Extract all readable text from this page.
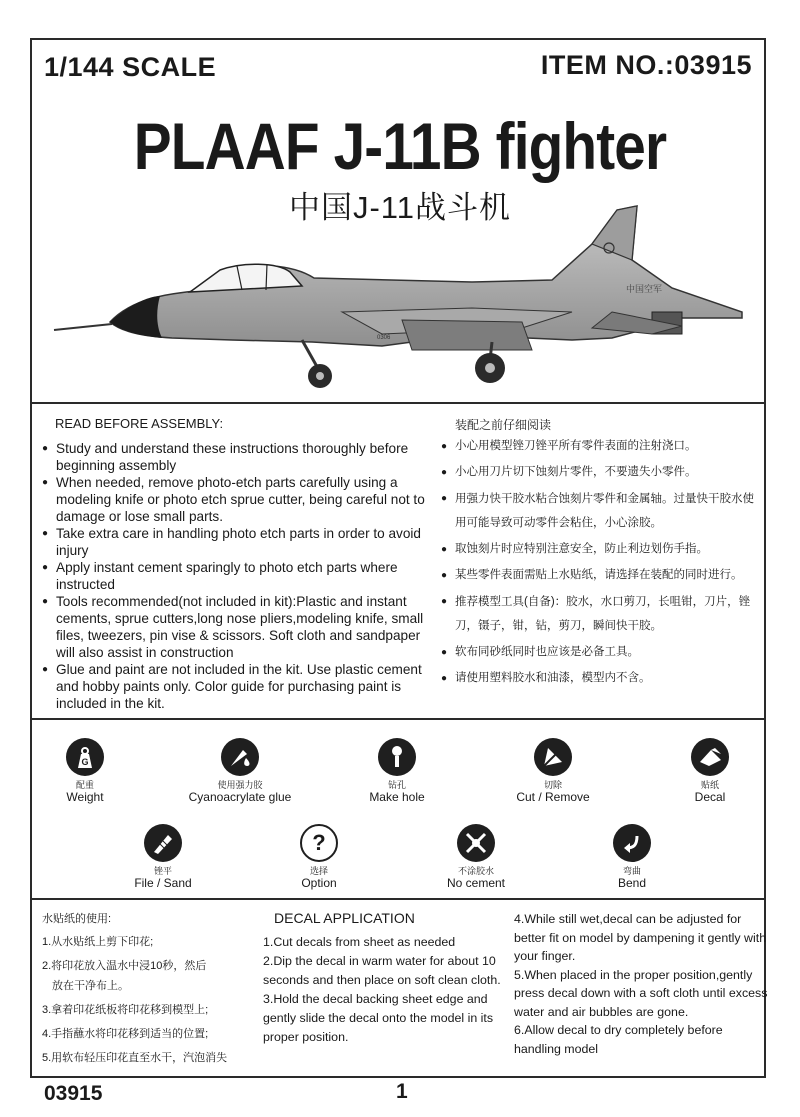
1/144 SCALE	ITEM NO.:03915
PLAAF J-11B fighter
中国J-11战斗机
中国空军
0306
READ BEFORE ASSEMBLY:
● Study and understand these instructions thoroughly before beginning assembly
● When needed, remove photo-etch parts carefully using a modeling knife or photo etch sprue cutter, being careful not to damage or lose small parts.
● Take extra care in handling photo etch parts in order to avoid injury
● Apply instant cement sparingly to photo etch parts where instructed
● Tools recommended(not included in kit):Plastic and instant cements, sprue cutters,long nose pliers,modeling knife, small files, tweezers, pin vise & scissors. Soft cloth and sandpaper will also assist in construction
● Glue and paint are not included in the kit. Use plastic cement and hobby paints only. Color guide for purchasing paint is included in the kit.
装配之前仔细阅读
● 小心用模型锉刀锉平所有零件表面的注射浇口。
● 小心用刀片切下蚀刻片零件，不要遗失小零件。
● 用强力快干胶水粘合蚀刻片零件和金属轴。过量快干胶水使用可能导致可动零件会粘住，小心涂胶。
● 取蚀刻片时应特别注意安全，防止利边划伤手指。
● 某些零件表面需贴上水贴纸，请选择在装配的同时进行。
● 推荐模型工具(自备)：胶水，水口剪刀，长咀钳，刀片，锉刀，镊子，钳，钻，剪刀，瞬间快干胶。
● 软布同砂纸同时也应该是必备工具。
● 请使用塑料胶水和油漆，模型内不含。
G
配重
Weight
使用强力胶
Cyanoacrylate glue
钻孔
Make hole
切除
Cut / Remove
贴纸
Decal
锉平
File / Sand
?
选择
Option
不涂胶水
No cement
弯曲
Bend
水贴纸的使用:
1.从水贴纸上剪下印花;
2.将印花放入温水中浸10秒，然后
放在干净布上。
3.拿着印花纸板将印花移到模型上;
4.手指蘸水将印花移到适当的位置;
5.用软布轻压印花直至水干，汽泡消失
DECAL APPLICATION
1.Cut decals from sheet as needed
2.Dip the decal in warm water for about 10 seconds and then place on soft clean cloth.
3.Hold the decal backing sheet edge and gently slide the decal onto the model in its proper position.
4.While still wet,decal can be adjusted for better fit on model by dampening it gently with your finger.
5.When placed in the proper position,gently press decal down with a soft cloth until excess water and air bubbles are gone.
6.Allow decal to dry completely before handling model
03915	1
